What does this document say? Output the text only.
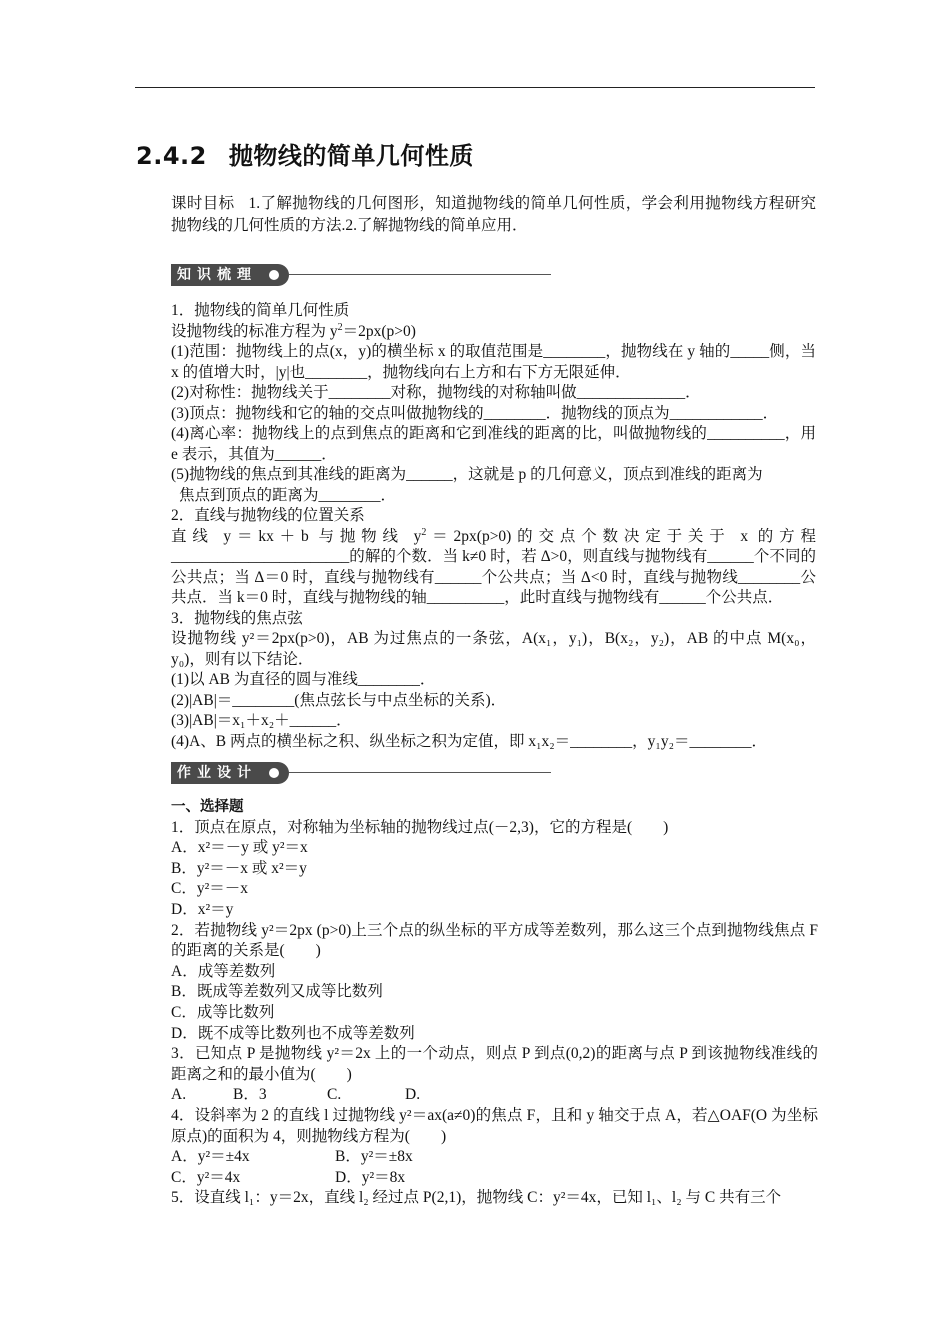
2.4.2 抛物线的简单几何性质
课时目标 1.了解抛物线的几何图形，知道抛物线的简单几何性质，学会利用抛物线方程研究抛物线的几何性质的方法.2.了解抛物线的简单应用．
知识梳理

1．抛物线的简单几何性质

设抛物线的标准方程为 $y^2=2px(p>0)$

(1)范围：抛物线上的点(x，y)的横坐标 x 的取值范围是________，抛物线在 y 轴的_____侧，当 x 的值增大时，|y|也________，抛物线向右上方和右下方无限延伸．

(2)对称性：抛物线关于________对称，抛物线的对称轴叫做______________．

(3)顶点：抛物线和它的轴的交点叫做抛物线的________．抛物线的顶点为____________．

(4)离心率：抛物线上的点到焦点的距离和它到准线的距离的比，叫做抛物线的__________，用 e 表示，其值为______．

(5)抛物线的焦点到其准线的距离为______，这就是 p 的几何意义，顶点到准线的距离为

焦点到顶点的距离为________．

2．直线与抛物线的位置关系

直线 y＝kx＋b 与抛物线 $y^2=2px(p>0)$的交点个数决定于关于 x 的方程_______________________的解的个数．当 k≠0 时，若 Δ>0，则直线与抛物线有______个不同的公共点；当 Δ＝0 时，直线与抛物线有______个公共点；当 Δ<0 时，直线与抛物线________公共点．当 k＝0 时，直线与抛物线的轴__________，此时直线与抛物线有______个公共点．

3．抛物线的焦点弦

设抛物线 y²＝2px(p>0)，AB 为过焦点的一条弦，A(x₁，y₁)，B(x₂，y₂)，AB 的中点 M(x₀，y₀)，则有以下结论．

(1)以 AB 为直径的圆与准线________．

(2)|AB|＝________(焦点弦长与中点坐标的关系)．

(3)|AB|＝x₁＋x₂＋______．

(4)A、B 两点的横坐标之积、纵坐标之积为定值，即 x₁x₂＝________，y₁y₂＝________．

作业设计

一、选择题

1．顶点在原点，对称轴为坐标轴的抛物线过点(－2,3)，它的方程是(　　)

A．x²＝－y 或 y²＝x

B．y²＝－x 或 x²＝y

C．y²＝－x

D．x²＝y

2．若抛物线 y²＝2px (p>0)上三个点的纵坐标的平方成等差数列，那么这三个点到抛物线焦点 F 的距离的关系是(　　)

A．成等差数列

B．既成等差数列又成等比数列

C．成等比数列

D．既不成等比数列也不成等差数列

3．已知点 P 是抛物线 y²＝2x 上的一个动点，则点 P 到点(0,2)的距离与点 P 到该抛物线准线的距离之和的最小值为(　　)

A.	B．3	C.	D.

4．设斜率为 2 的直线 l 过抛物线 y²＝ax(a≠0)的焦点 F，且和 y 轴交于点 A，若△OAF(O 为坐标原点)的面积为 4，则抛物线方程为(　　)

A．y²＝±4x	B．y²＝±8x

C．y²＝4x	D．y²＝8x

5．设直线 l₁：y＝2x，直线 l₂ 经过点 P(2,1)，抛物线 C：y²＝4x，已知 l₁、l₂ 与 C 共有三个
